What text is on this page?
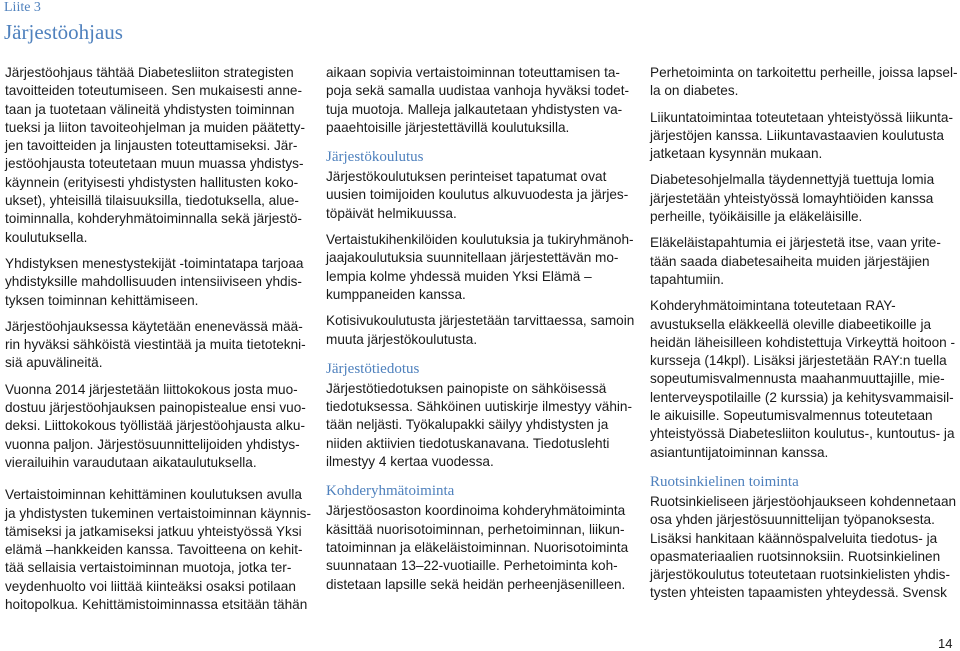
Liite 3
Järjestöohjaus
Järjestöohjaus tähtää Diabetesliiton strategisten
tavoitteiden toteutumiseen. Sen mukaisesti anne-
taan ja tuotetaan välineitä yhdistysten toiminnan
tueksi ja liiton tavoiteohjelman ja muiden päätetty-
jen tavoitteiden ja linjausten toteuttamiseksi. Jär-
jestöohjausta toteutetaan muun muassa yhdistys-
käynnein (erityisesti yhdistysten hallitusten koko-
ukset), yhteisillä tilaisuuksilla, tiedotuksella, alue-
toiminnalla, kohderyhmätoiminnalla sekä järjestö-
koulutuksella.
Yhdistyksen menestystekijät -toimintatapa tarjoaa
yhdistyksille mahdollisuuden intensiiviseen yhdis-
tyksen toiminnan kehittämiseen.
Järjestöohjauksessa käytetään enenevässä mää-
rin hyväksi sähköistä viestintää ja muita tietotekni-
siä apuvälineitä.
Vuonna 2014 järjestetään liittokokous josta muo-
dostuu järjestöohjauksen painopistealue ensi vuo-
deksi. Liittokokous työllistää järjestöohjausta alku-
vuonna paljon. Järjestösuunnittelijoiden yhdistys-
vierailuihin varaudutaan aikataulutuksella.
Vertaistoiminnan kehittäminen koulutuksen avulla
ja yhdistysten tukeminen vertaistoiminnan käynnis-
tämiseksi ja jatkamiseksi jatkuu yhteistyössä Yksi
elämä –hankkeiden kanssa. Tavoitteena on kehit-
tää sellaisia vertaistoiminnan muotoja, jotka ter-
veydenhuolto voi liittää kiinteäksi osaksi potilaan
hoitopolkua. Kehittämistoiminnassa etsitään tähän
aikaan sopivia vertaistoiminnan toteuttamisen ta-
poja sekä samalla uudistaa vanhoja hyväksi todet-
tuja muotoja. Malleja jalkautetaan yhdistysten va-
paaehtoisille järjestettävillä koulutuksilla.
Järjestökoulutus
Järjestökoulutuksen perinteiset tapatumat ovat
uusien toimijoiden koulutus alkuvuodesta ja järjes-
töpäivät helmikuussa.
Vertaistukihenkilöiden koulutuksia ja tukiryhmänoh-
jaajakoulutuksia suunnitellaan järjestettävän mo-
lempia kolme yhdessä muiden Yksi Elämä –
kumppaneiden kanssa.
Kotisivukoulutusta järjestetään tarvittaessa, samoin
muuta järjestökoulutusta.
Järjestötiedotus
Järjestötiedotuksen painopiste on sähköisessä
tiedotuksessa. Sähköinen uutiskirje ilmestyy vähin-
tään neljästi. Työkalupakki säilyy yhdistysten ja
niiden aktiivien tiedotuskanavana. Tiedotuslehti
ilmestyy 4 kertaa vuodessa.
Kohderyhmätoiminta
Järjestöosaston koordinoima kohderyhmätoiminta
käsittää nuorisotoiminnan, perhetoiminnan, liikun-
tatoiminnan ja eläkeläistoiminnan. Nuorisotoiminta
suunnataan 13–22-vuotiaille. Perhetoiminta koh-
distetaan lapsille sekä heidän perheenjäsenilleen.
Perhetoiminta on tarkoitettu perheille, joissa lapsel-
la on diabetes.
Liikuntatoimintaa toteutetaan yhteistyössä liikunta-
järjestöjen kanssa. Liikuntavastaavien koulutusta
jatketaan kysynnän mukaan.
Diabetesohjelmalla täydennettyjä tuettuja lomia
järjestetään yhteistyössä lomayhtiöiden kanssa
perheille, työikäisille ja eläkeläisille.
Eläkeläistapahtumia ei järjestetä itse, vaan yrite-
tään saada diabetesaiheita muiden järjestäjien
tapahtumiin.
Kohderyhmätoimintana toteutetaan RAY-
avustuksella eläkkeellä oleville diabeetikoille ja
heidän läheisilleen kohdistettuja Virkeyttä hoitoon -
kursseja (14kpl). Lisäksi järjestetään RAY:n tuella
sopeutumisvalmennusta maahanmuuttajille, mie-
lenterveyspotilaille (2 kurssia) ja kehitysvammaisil-
le aikuisille. Sopeutumisvalmennus toteutetaan
yhteistyössä Diabetesliiton koulutus-, kuntoutus- ja
asiantuntijatoiminnan kanssa.
Ruotsinkielinen toiminta
Ruotsinkieliseen järjestöohjaukseen kohdennetaan
osa yhden järjestösuunnittelijan työpanoksesta.
Lisäksi hankitaan käännöspalveluita tiedotus- ja
opasmateriaalien ruotsinnoksiin. Ruotsinkielinen
järjestökoulutus toteutetaan ruotsinkielisten yhdis-
tysten yhteisten tapaamisten yhteydessä. Svensk
14
